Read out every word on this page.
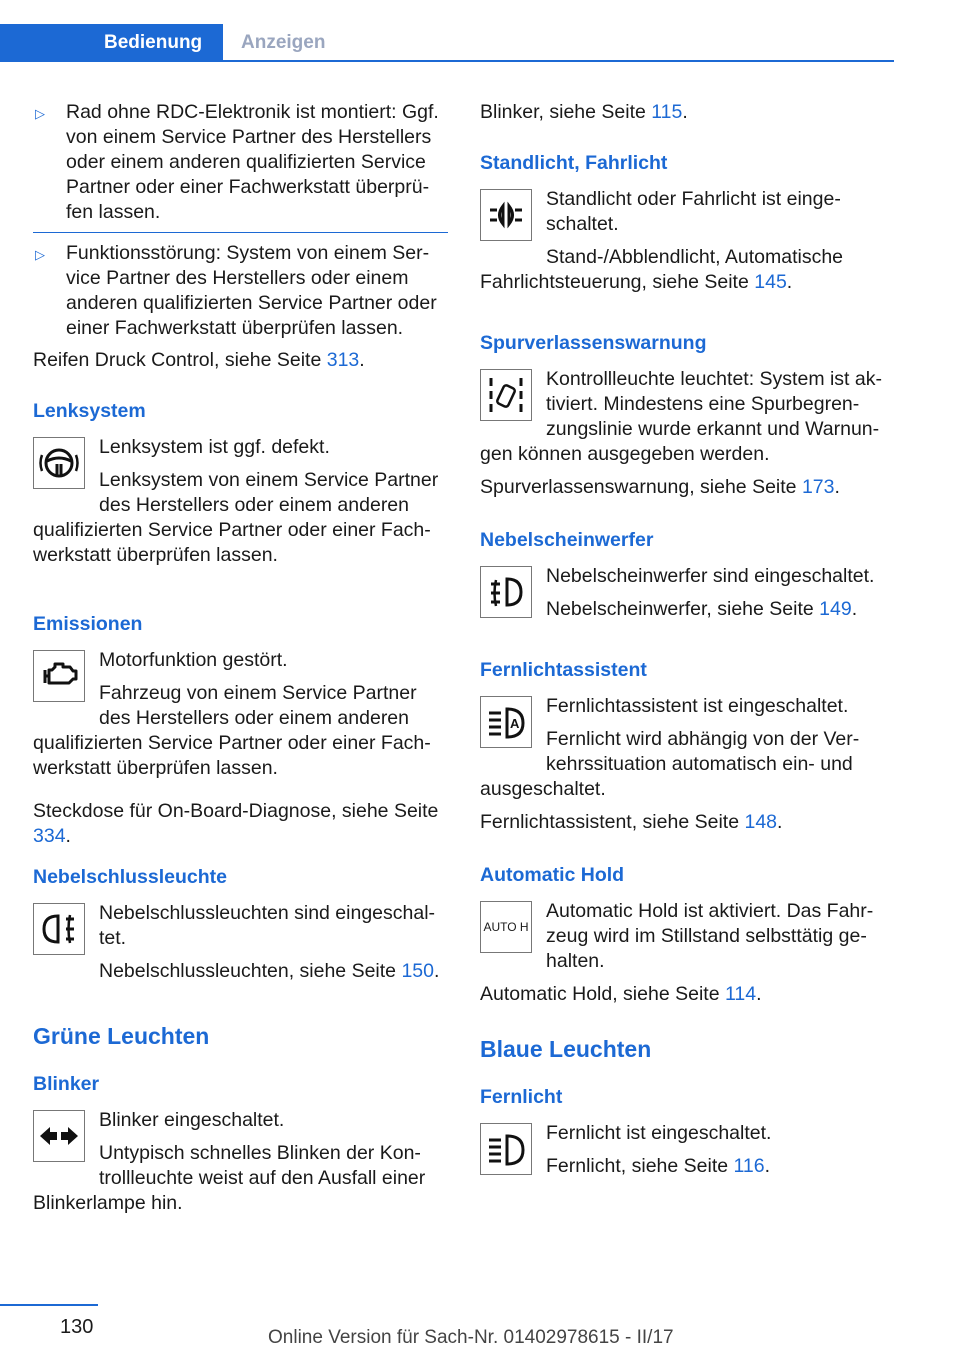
Bedienung Anzeigen
▷ Rad ohne RDC-Elektronik ist montiert: Ggf. von einem Service Partner des Herstellers oder einem anderen qualifizierten Service Partner oder einer Fachwerkstatt überprü‐fen lassen.
▷ Funktionsstörung: System von einem Ser‐vice Partner des Herstellers oder einem anderen qualifizierten Service Partner oder einer Fachwerkstatt überprüfen lassen.

Reifen Druck Control, siehe Seite 313.

Lenksystem

Lenksystem ist ggf. defekt.

Lenksystem von einem Service Partner des Herstellers oder einem anderen qualifizierten Service Partner oder einer Fach‐werkstatt überprüfen lassen.

Emissionen

Motorfunktion gestört.

Fahrzeug von einem Service Partner des Herstellers oder einem anderen qualifizierten Service Partner oder einer Fach‐werkstatt überprüfen lassen.

Steckdose für On-Board-Diagnose, siehe Seite 334.

Nebelschlussleuchte

Nebelschlussleuchten sind eingeschal‐tet.

Nebelschlussleuchten, siehe Seite 150.

Grüne Leuchten
Blinker

Blinker eingeschaltet.

Untypisch schnelles Blinken der Kon‐trollleuchte weist auf den Ausfall einer Blinkerlampe hin.

Blinker, siehe Seite 115.

Standlicht, Fahrlicht

Standlicht oder Fahrlicht ist einge‐schaltet.

Stand-/Abblendlicht, Automatische Fahrlichtsteuerung, siehe Seite 145.

Spurverlassenswarnung

Kontrollleuchte leuchtet: System ist ak‐tiviert. Mindestens eine Spurbegren‐zungslinie wurde erkannt und Warnun‐gen können ausgegeben werden.

Spurverlassenswarnung, siehe Seite 173.

Nebelscheinwerfer

Nebelscheinwerfer sind eingeschaltet.

Nebelscheinwerfer, siehe Seite 149.

Fernlichtassistent
A

Fernlichtassistent ist eingeschaltet.

Fernlicht wird abhängig von der Ver‐kehrssituation automatisch ein- und ausgeschaltet.

Fernlichtassistent, siehe Seite 148.

Automatic Hold
AUTO H

Automatic Hold ist aktiviert. Das Fahr‐zeug wird im Stillstand selbsttätig ge‐halten.

Automatic Hold, siehe Seite 114.

Blaue Leuchten
Fernlicht

Fernlicht ist eingeschaltet.

Fernlicht, siehe Seite 116.

130	Online Version für Sach-Nr. 01402978615 - II/17
